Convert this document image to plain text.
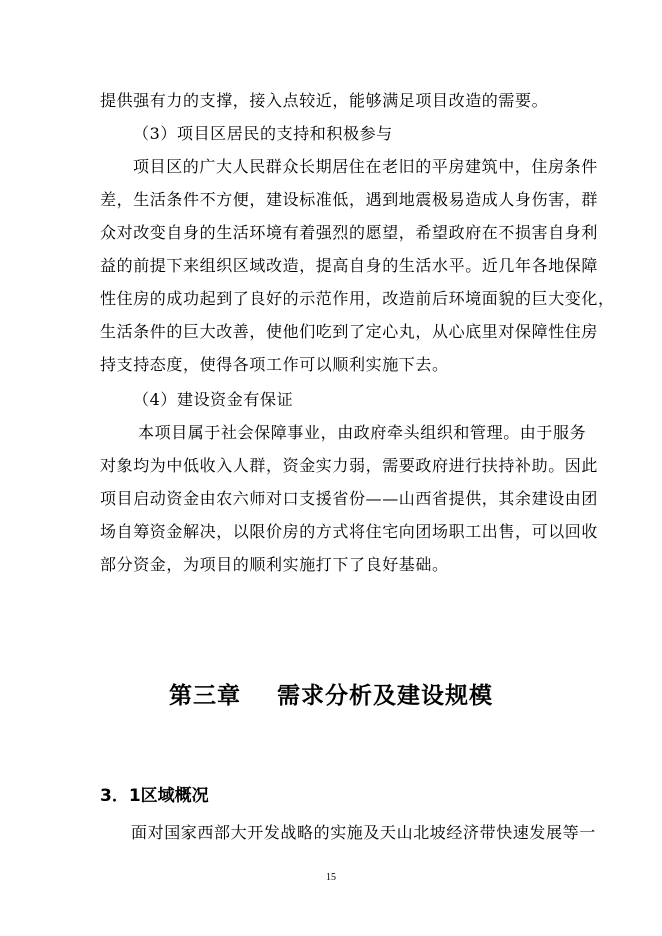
提供强有力的支撑，接入点较近，能够满足项目改造的需要。
（3）项目区居民的支持和积极参与
项目区的广大人民群众长期居住在老旧的平房建筑中，住房条件
差，生活条件不方便，建设标准低，遇到地震极易造成人身伤害，群
众对改变自身的生活环境有着强烈的愿望，希望政府在不损害自身利
益的前提下来组织区域改造，提高自身的生活水平。近几年各地保障
性住房的成功起到了良好的示范作用，改造前后环境面貌的巨大变化，
生活条件的巨大改善，使他们吃到了定心丸，从心底里对保障性住房
持支持态度，使得各项工作可以顺利实施下去。
（4）建设资金有保证
本项目属于社会保障事业，由政府牵头组织和管理。由于服务
对象均为中低收入人群，资金实力弱，需要政府进行扶持补助。因此
项目启动资金由农六师对口支援省份——山西省提供，其余建设由团
场自筹资金解决，以限价房的方式将住宅向团场职工出售，可以回收
部分资金，为项目的顺利实施打下了良好基础。
第三章    需求分析及建设规模
3．1区域概况
面对国家西部大开发战略的实施及天山北坡经济带快速发展等一
15
